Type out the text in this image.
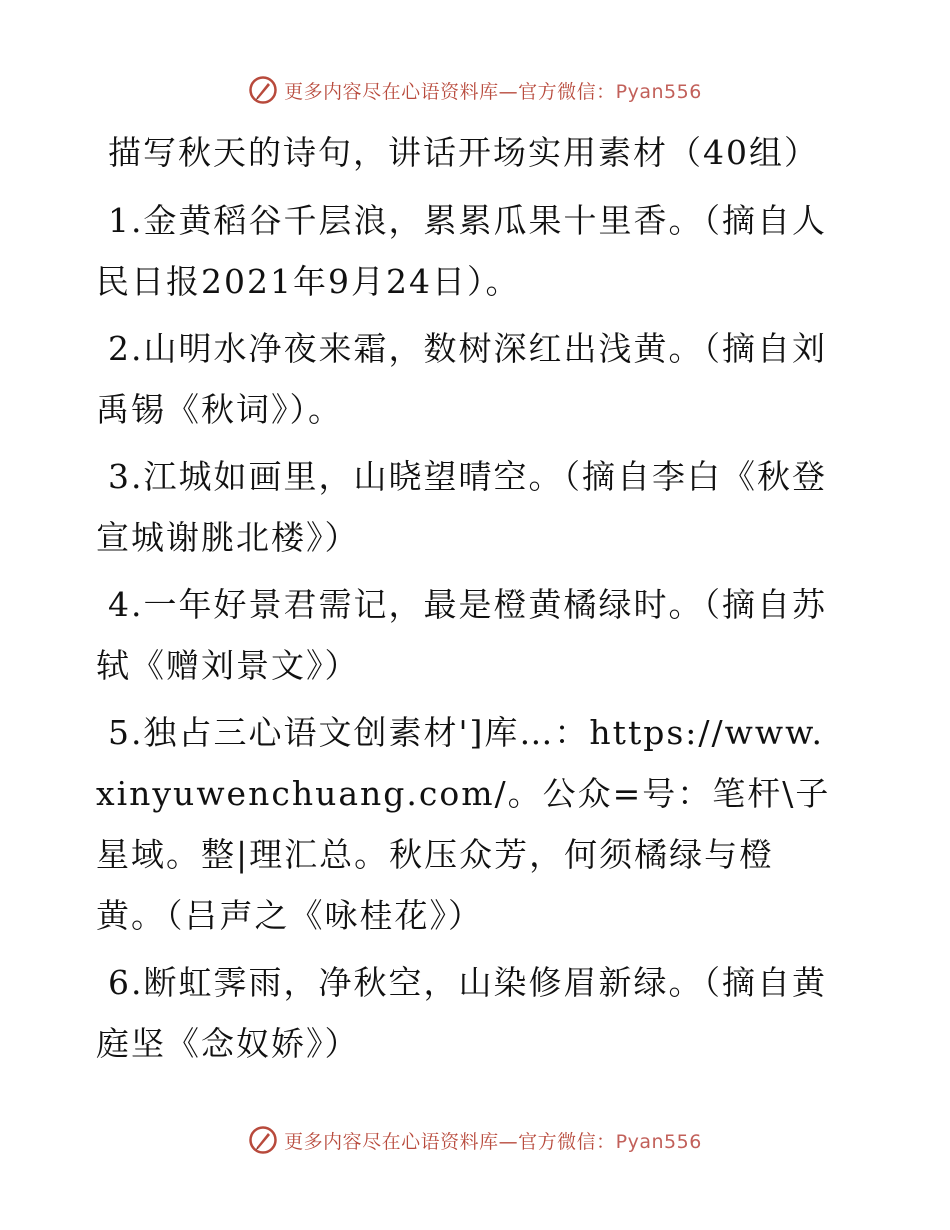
更多内容尽在心语资料库—官方微信：Pyan556
描写秋天的诗句，讲话开场实用素材（40组）

1.金黄稻谷千层浪，累累瓜果十里香。（摘自人民日报2021年9月24日）。

2.山明水净夜来霜，数树深红出浅黄。（摘自刘禹锡《秋词》）。

3.江城如画里，山晓望晴空。（摘自李白《秋登宣城谢朓北楼》）

4.一年好景君需记，最是橙黄橘绿时。（摘自苏轼《赠刘景文》）

5.独占三心语文创素材']库…：https://www.xinyuwenchuang.com/。公众=号：笔杆\子星域。整|理汇总。秋压众芳，何须橘绿与橙黄。（吕声之《咏桂花》）

6.断虹霁雨，净秋空，山染修眉新绿。（摘自黄庭坚《念奴娇》）

更多内容尽在心语资料库—官方微信：Pyan556
